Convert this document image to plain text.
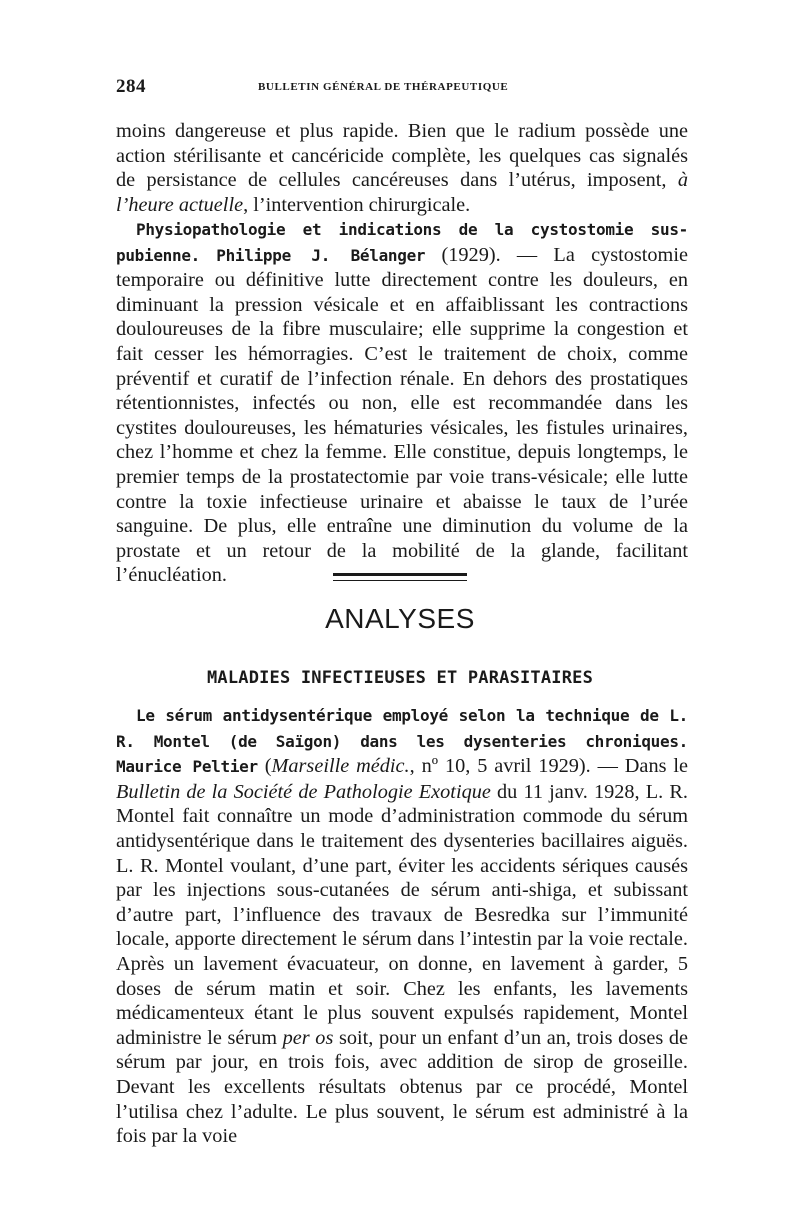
284	BULLETIN GÉNÉRAL DE THÉRAPEUTIQUE
moins dangereuse et plus rapide. Bien que le radium possède une action stérilisante et cancéricide complète, les quelques cas signalés de persistance de cellules cancéreuses dans l’utérus, imposent, à l’heure actuelle, l’intervention chirurgicale.
Physiopathologie et indications de la cystostomie sus-pubienne. Philippe J. Bélanger (1929). — La cystostomie temporaire ou définitive lutte directement contre les douleurs, en diminuant la pression vésicale et en affaiblissant les contractions douloureuses de la fibre musculaire; elle supprime la congestion et fait cesser les hémorragies. C’est le traitement de choix, comme préventif et curatif de l’infection rénale. En dehors des prostatiques rétentionnistes, infectés ou non, elle est recommandée dans les cystites douloureuses, les hématuries vésicales, les fistules urinaires, chez l’homme et chez la femme. Elle constitue, depuis longtemps, le premier temps de la prostatectomie par voie trans-vésicale; elle lutte contre la toxie infectieuse urinaire et abaisse le taux de l’urée sanguine. De plus, elle entraîne une diminution du volume de la prostate et un retour de la mobilité de la glande, facilitant l’énucléation.
ANALYSES
MALADIES INFECTIEUSES ET PARASITAIRES
Le sérum antidysentérique employé selon la technique de L. R. Montel (de Saïgon) dans les dysenteries chroniques. Maurice Peltier (Marseille médic., nº 10, 5 avril 1929). — Dans le Bulletin de la Société de Pathologie Exotique du 11 janv. 1928, L. R. Montel fait connaître un mode d’administration commode du sérum antidysentérique dans le traitement des dysenteries bacillaires aiguës. L. R. Montel voulant, d’une part, éviter les accidents sériques causés par les injections sous-cutanées de sérum anti-shiga, et subissant d’autre part, l’influence des travaux de Besredka sur l’immunité locale, apporte directement le sérum dans l’intestin par la voie rectale. Après un lavement évacuateur, on donne, en lavement à garder, 5 doses de sérum matin et soir. Chez les enfants, les lavements médicamenteux étant le plus souvent expulsés rapidement, Montel administre le sérum per os soit, pour un enfant d’un an, trois doses de sérum par jour, en trois fois, avec addition de sirop de groseille. Devant les excellents résultats obtenus par ce procédé, Montel l’utilisa chez l’adulte. Le plus souvent, le sérum est administré à la fois par la voie
